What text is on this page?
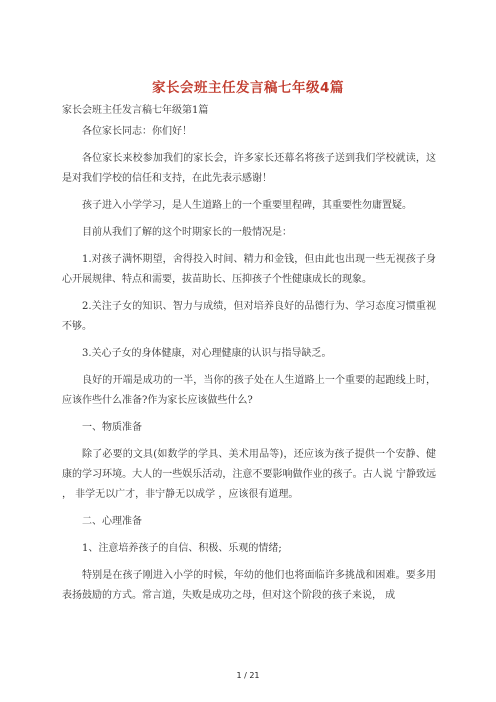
家长会班主任发言稿七年级4篇
家长会班主任发言稿七年级第1篇

各位家长同志：你们好！

各位家长来校参加我们的家长会，许多家长还幕名将孩子送到我们学校就读，这是对我们学校的信任和支持，在此先表示感谢！

孩子进入小学学习，是人生道路上的一个重要里程碑，其重要性勿庸置疑。

目前从我们了解的这个时期家长的一般情况是：

1.对孩子满怀期望，舍得投入时间、精力和金钱，但由此也出现一些无视孩子身心开展规律、特点和需要，拔苗助长、压抑孩子个性健康成长的现象。

2.关注子女的知识、智力与成绩，但对培养良好的品德行为、学习态度习惯重视不够。

3.关心子女的身体健康，对心理健康的认识与指导缺乏。

良好的开端是成功的一半，当你的孩子处在人生道路上一个重要的起跑线上时，应该作些什么准备?作为家长应该做些什么?

一、物质准备

除了必要的文具(如数学的学具、美术用品等)，还应该为孩子提供一个安静、健康的学习环境。大人的一些娱乐活动，注意不要影响做作业的孩子。古人说 宁静致远 ， 非学无以广才，非宁静无以成学 ，应该很有道理。

二、心理准备

1、注意培养孩子的自信、积极、乐观的情绪;

特别是在孩子刚进入小学的时候，年幼的他们也将面临许多挑战和困难。要多用表扬鼓励的方式。常言道，失败是成功之母，但对这个阶段的孩子来说， 成

1 / 21
